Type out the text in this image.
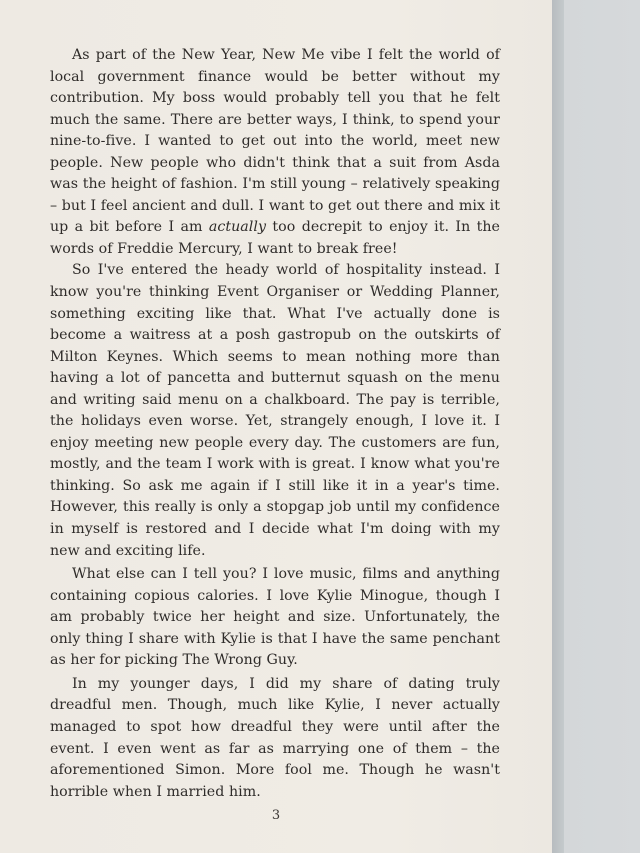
As part of the New Year, New Me vibe I felt the world of local government finance would be better without my contribution. My boss would probably tell you that he felt much the same. There are better ways, I think, to spend your nine-to-five. I wanted to get out into the world, meet new people. New people who didn't think that a suit from Asda was the height of fashion. I'm still young – relatively speaking – but I feel ancient and dull. I want to get out there and mix it up a bit before I am actually too decrepit to enjoy it. In the words of Freddie Mercury, I want to break free!

So I've entered the heady world of hospitality instead. I know you're thinking Event Organiser or Wedding Planner, something exciting like that. What I've actually done is become a waitress at a posh gastropub on the outskirts of Milton Keynes. Which seems to mean nothing more than having a lot of pancetta and butternut squash on the menu and writing said menu on a chalkboard. The pay is terrible, the holidays even worse. Yet, strangely enough, I love it. I enjoy meeting new people every day. The customers are fun, mostly, and the team I work with is great. I know what you're thinking. So ask me again if I still like it in a year's time. However, this really is only a stopgap job until my confidence in myself is restored and I decide what I'm doing with my new and exciting life.

What else can I tell you? I love music, films and anything containing copious calories. I love Kylie Minogue, though I am probably twice her height and size. Unfortunately, the only thing I share with Kylie is that I have the same penchant as her for picking The Wrong Guy.

In my younger days, I did my share of dating truly dreadful men. Though, much like Kylie, I never actually managed to spot how dreadful they were until after the event. I even went as far as marrying one of them – the aforementioned Simon. More fool me. Though he wasn't horrible when I married him.

3
